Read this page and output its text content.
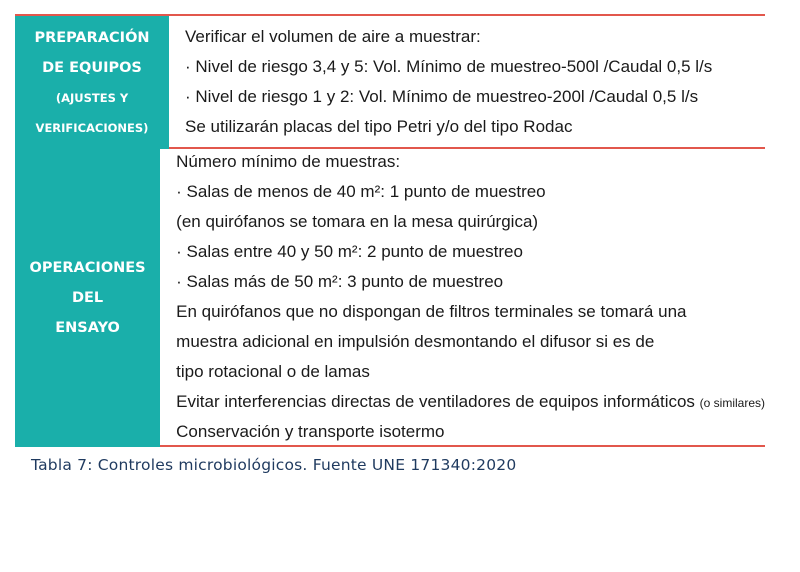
PREPARACIÓN
DE EQUIPOS
(AJUSTES Y
VERIFICACIONES)
Verificar el volumen de aire a muestrar:
· Nivel de riesgo 3,4 y 5: Vol. Mínimo de muestreo-500l /Caudal 0,5 l/s
· Nivel de riesgo 1 y 2: Vol. Mínimo de muestreo-200l /Caudal 0,5 l/s
Se utilizarán placas del tipo Petri y/o del tipo Rodac
OPERACIONES
DEL
ENSAYO
Número mínimo de muestras:
· Salas de menos de 40 m²: 1 punto de muestreo
(en quirófanos se tomara en la mesa quirúrgica)
· Salas entre 40 y 50 m²: 2 punto de muestreo
· Salas más de 50 m²: 3 punto de muestreo
En quirófanos que no dispongan de filtros terminales se tomará una
muestra adicional en impulsión desmontando el difusor si es de
tipo rotacional o de lamas
Evitar interferencias directas de ventiladores de equipos informáticos (o similares)
Conservación y transporte isotermo
Tabla 7: Controles microbiológicos. Fuente UNE 171340:2020
